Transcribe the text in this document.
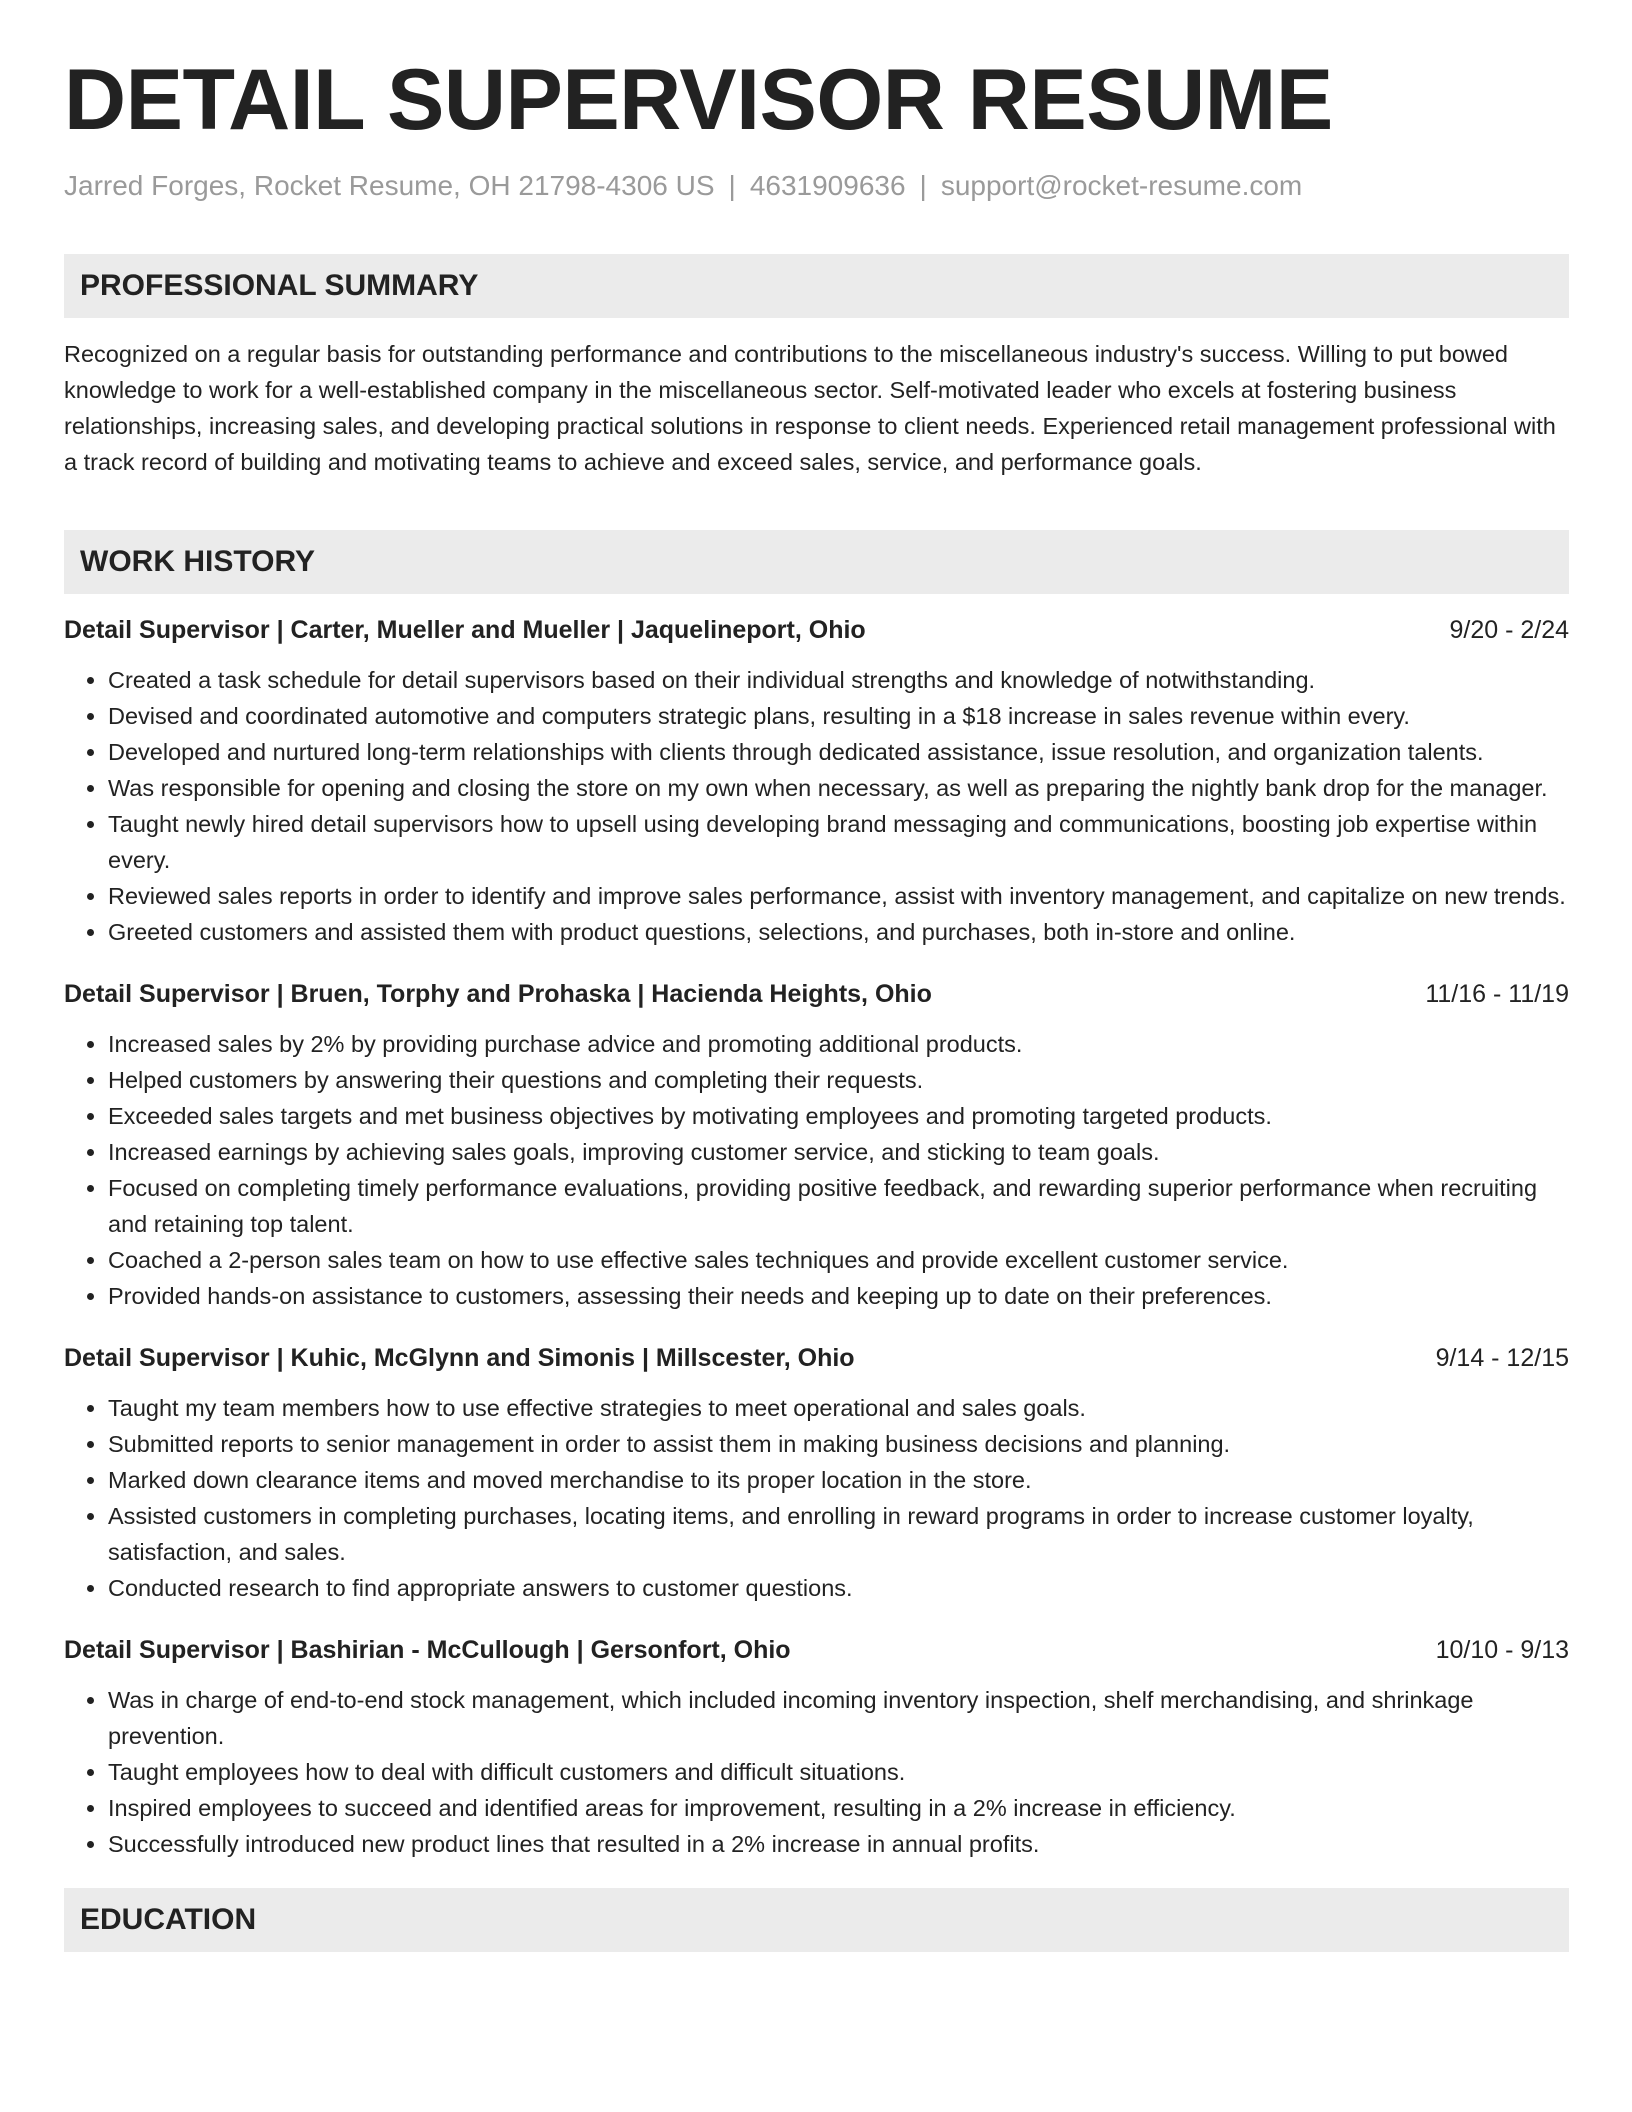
DETAIL SUPERVISOR RESUME
Jarred Forges, Rocket Resume, OH 21798-4306 US | 4631909636 | support@rocket-resume.com
PROFESSIONAL SUMMARY

Recognized on a regular basis for outstanding performance and contributions to the miscellaneous industry's success. Willing to put bowed knowledge to work for a well-established company in the miscellaneous sector. Self-motivated leader who excels at fostering business relationships, increasing sales, and developing practical solutions in response to client needs. Experienced retail management professional with a track record of building and motivating teams to achieve and exceed sales, service, and performance goals.

WORK HISTORY
Detail Supervisor | Carter, Mueller and Mueller | Jaquelineport, Ohio	9/20 - 2/24
• Created a task schedule for detail supervisors based on their individual strengths and knowledge of notwithstanding.
• Devised and coordinated automotive and computers strategic plans, resulting in a $18 increase in sales revenue within every.
• Developed and nurtured long-term relationships with clients through dedicated assistance, issue resolution, and organization talents.
• Was responsible for opening and closing the store on my own when necessary, as well as preparing the nightly bank drop for the manager.
• Taught newly hired detail supervisors how to upsell using developing brand messaging and communications, boosting job expertise within every.
• Reviewed sales reports in order to identify and improve sales performance, assist with inventory management, and capitalize on new trends.
• Greeted customers and assisted them with product questions, selections, and purchases, both in-store and online.
Detail Supervisor | Bruen, Torphy and Prohaska | Hacienda Heights, Ohio	11/16 - 11/19
• Increased sales by 2% by providing purchase advice and promoting additional products.
• Helped customers by answering their questions and completing their requests.
• Exceeded sales targets and met business objectives by motivating employees and promoting targeted products.
• Increased earnings by achieving sales goals, improving customer service, and sticking to team goals.
• Focused on completing timely performance evaluations, providing positive feedback, and rewarding superior performance when recruiting and retaining top talent.
• Coached a 2-person sales team on how to use effective sales techniques and provide excellent customer service.
• Provided hands-on assistance to customers, assessing their needs and keeping up to date on their preferences.
Detail Supervisor | Kuhic, McGlynn and Simonis | Millscester, Ohio	9/14 - 12/15
• Taught my team members how to use effective strategies to meet operational and sales goals.
• Submitted reports to senior management in order to assist them in making business decisions and planning.
• Marked down clearance items and moved merchandise to its proper location in the store.
• Assisted customers in completing purchases, locating items, and enrolling in reward programs in order to increase customer loyalty, satisfaction, and sales.
• Conducted research to find appropriate answers to customer questions.
Detail Supervisor | Bashirian - McCullough | Gersonfort, Ohio	10/10 - 9/13
• Was in charge of end-to-end stock management, which included incoming inventory inspection, shelf merchandising, and shrinkage prevention.
• Taught employees how to deal with difficult customers and difficult situations.
• Inspired employees to succeed and identified areas for improvement, resulting in a 2% increase in efficiency.
• Successfully introduced new product lines that resulted in a 2% increase in annual profits.
EDUCATION
